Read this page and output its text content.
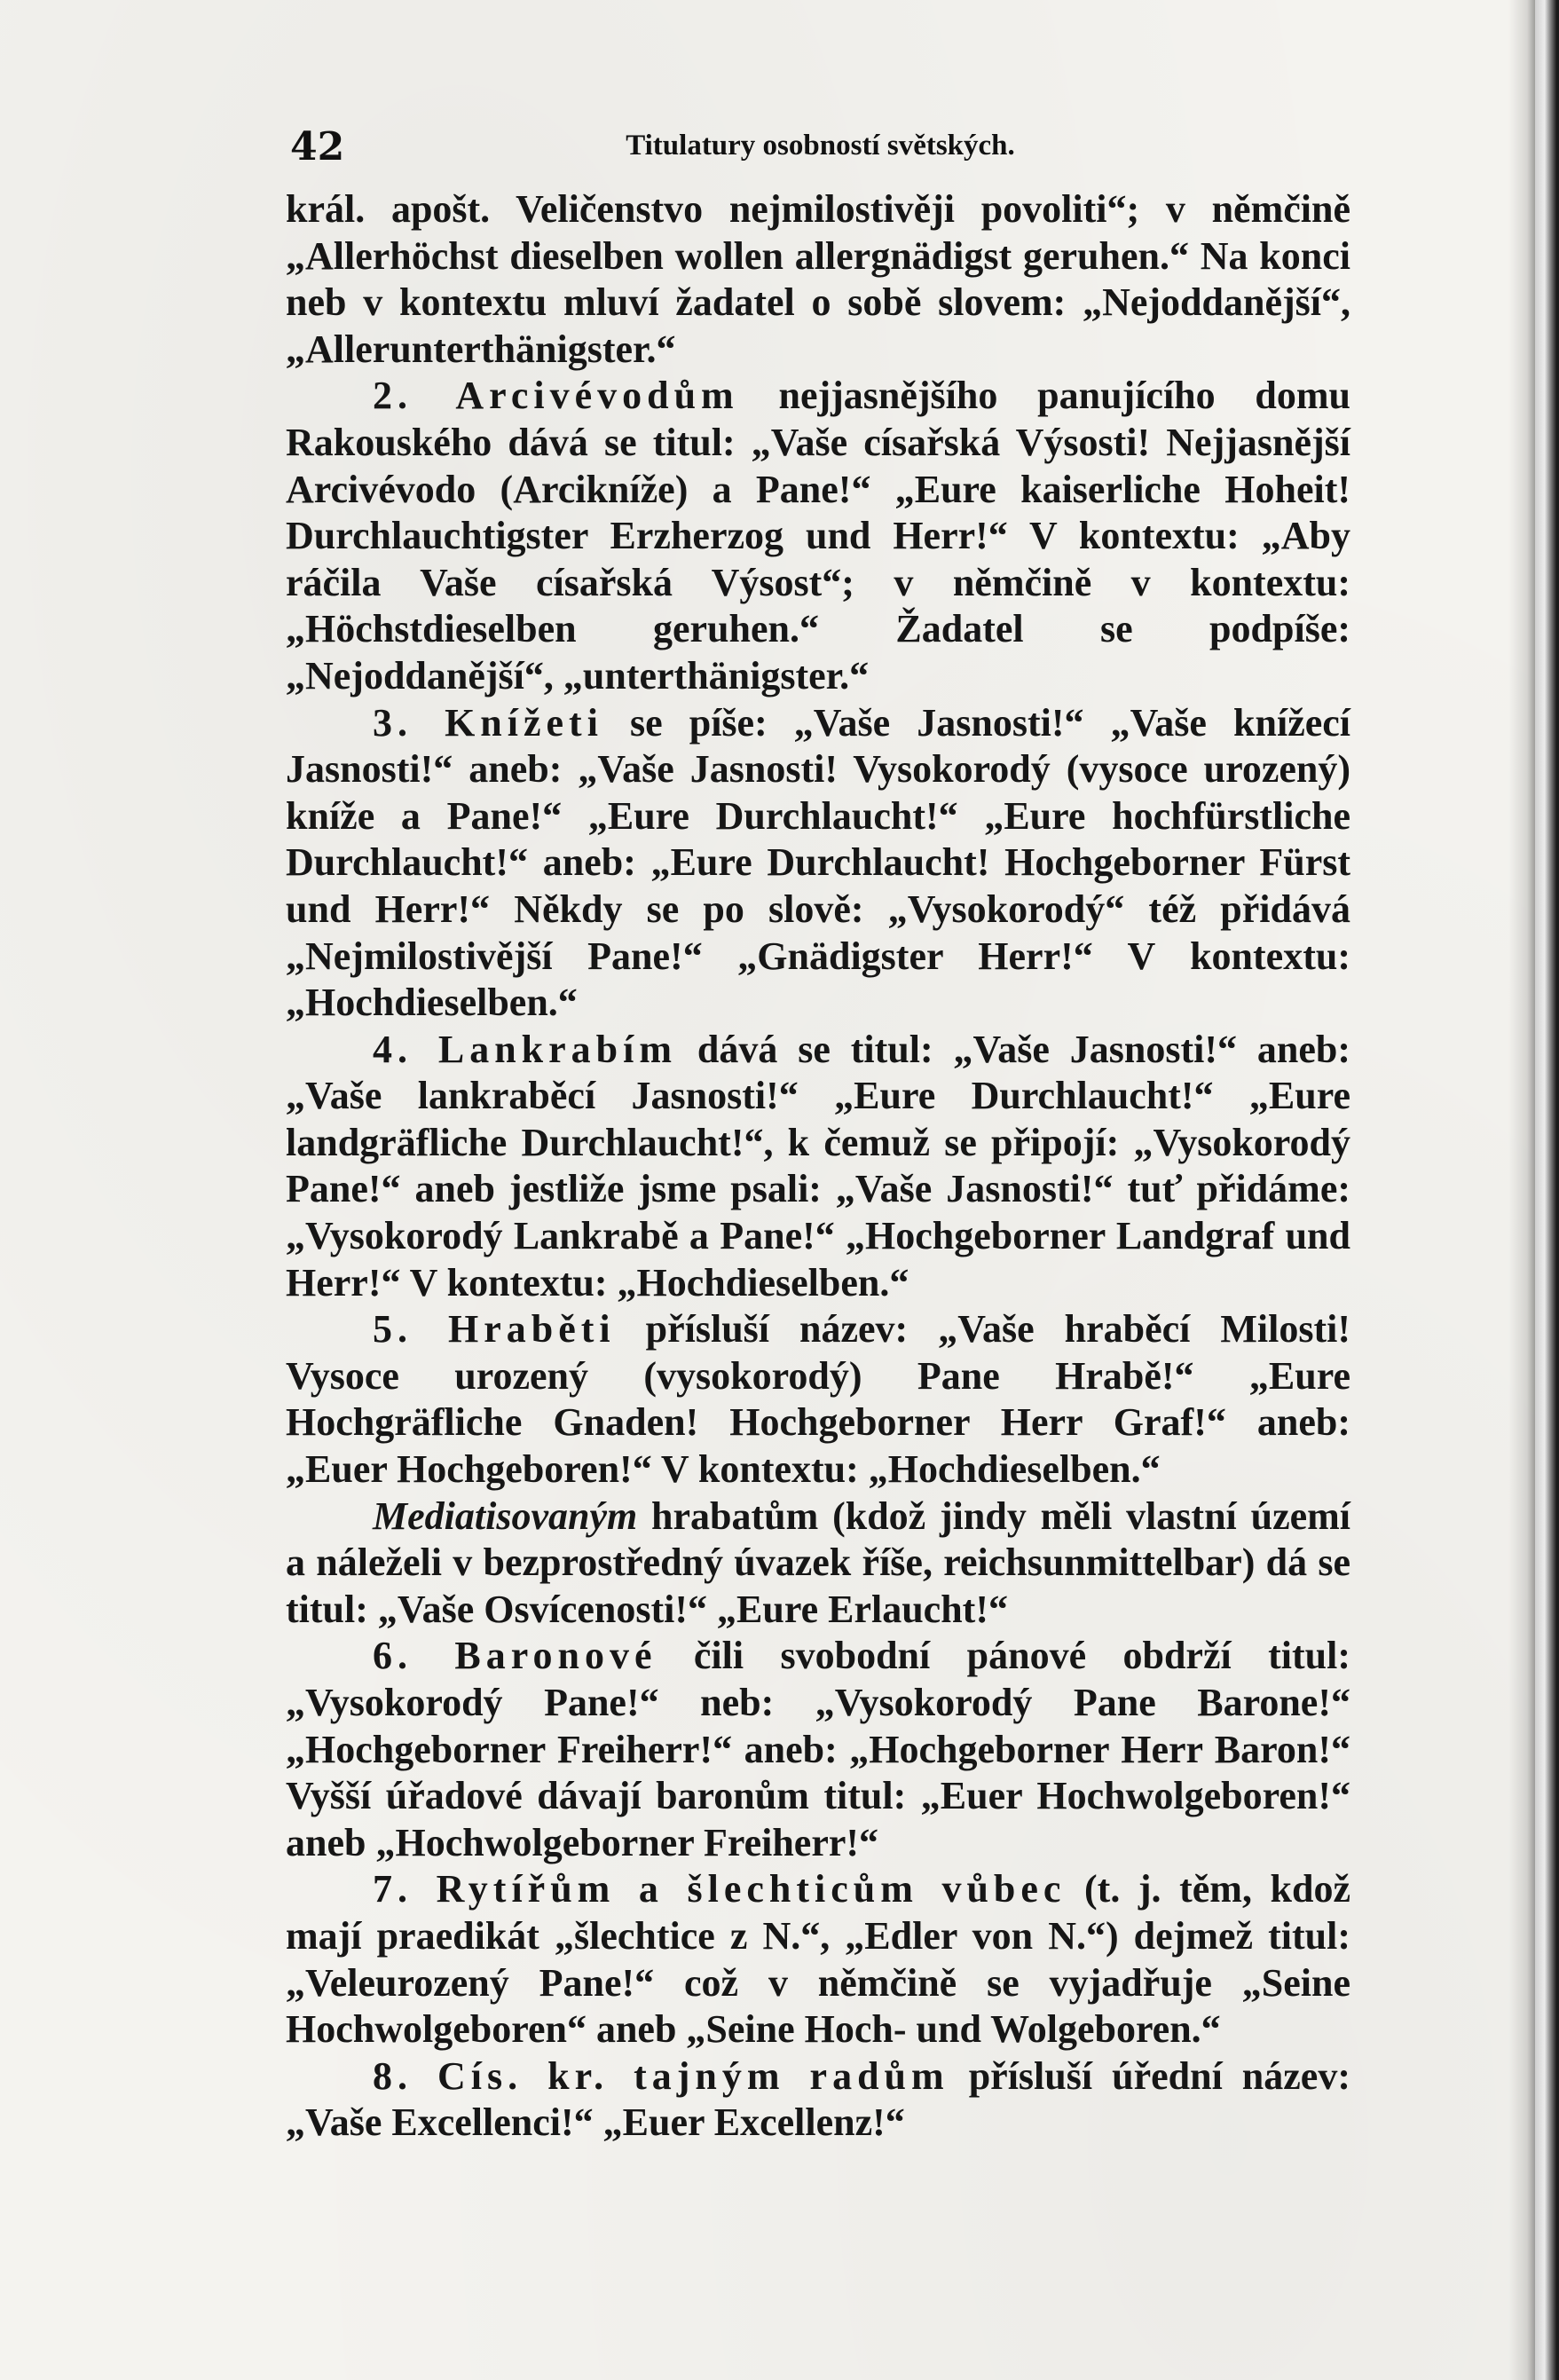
42	Titulatury osobností světských.

král. apošt. Veličenstvo nejmilostivěji povoliti“; v němčině „Allerhöchst dieselben wollen allergnädigst geruhen.“ Na konci neb v kontextu mluví žadatel o sobě slovem: „Nejoddanější“, „Allerunterthänigster.“

2. Arcivévodům nejjasnějšího panujícího domu Rakouského dává se titul: „Vaše císařská Výsosti! Nejjasnější Arcivévodo (Arcikníže) a Pane!“ „Eure kaiserliche Hoheit! Durchlauchtigster Erzherzog und Herr!“ V kontextu: „Aby ráčila Vaše císařská Výsost“; v němčině v kontextu: „Höchstdieselben geruhen.“ Žadatel se podpíše: „Nejoddanější“, „unterthänigster.“

3. Knížeti se píše: „Vaše Jasnosti!“ „Vaše knížecí Jasnosti!“ aneb: „Vaše Jasnosti! Vysokorodý (vysoce urozený) kníže a Pane!“ „Eure Durchlaucht!“ „Eure hochfürstliche Durchlaucht!“ aneb: „Eure Durchlaucht! Hochgeborner Fürst und Herr!“ Někdy se po slově: „Vysokorodý“ též přidává „Nejmilostivější Pane!“ „Gnädigster Herr!“ V kontextu: „Hochdieselben.“

4. Lankrabím dává se titul: „Vaše Jasnosti!“ aneb: „Vaše lankraběcí Jasnosti!“ „Eure Durchlaucht!“ „Eure landgräfliche Durchlaucht!“, k čemuž se připojí: „Vysokorodý Pane!“ aneb jestliže jsme psali: „Vaše Jasnosti!“ tuť přidáme: „Vysokorodý Lankrabě a Pane!“ „Hochgeborner Landgraf und Herr!“ V kontextu: „Hochdieselben.“

5. Hraběti přísluší název: „Vaše hraběcí Milosti! Vysoce urozený (vysokorodý) Pane Hrabě!“ „Eure Hochgräfliche Gnaden! Hochgeborner Herr Graf!“ aneb: „Euer Hochgeboren!“ V kontextu: „Hochdieselben.“

Mediatisovaným hrabatům (kdož jindy měli vlastní území a náleželi v bezprostředný úvazek říše, reichsunmittelbar) dá se titul: „Vaše Osvícenosti!“ „Eure Erlaucht!“

6. Baronové čili svobodní pánové obdrží titul: „Vysokorodý Pane!“ neb: „Vysokorodý Pane Barone!“ „Hochgeborner Freiherr!“ aneb: „Hochgeborner Herr Baron!“ Vyšší úřadové dávají baronům titul: „Euer Hochwolgeboren!“ aneb „Hochwolgeborner Freiherr!“

7. Rytířům a šlechticům vůbec (t. j. těm, kdož mají praedikát „šlechtice z N.“, „Edler von N.“) dejmež titul: „Veleurozený Pane!“ což v němčině se vyjadřuje „Seine Hochwolgeboren“ aneb „Seine Hoch- und Wolgeboren.“

8. Cís. kr. tajným radům přísluší úřední název: „Vaše Excellenci!“ „Euer Excellenz!“
